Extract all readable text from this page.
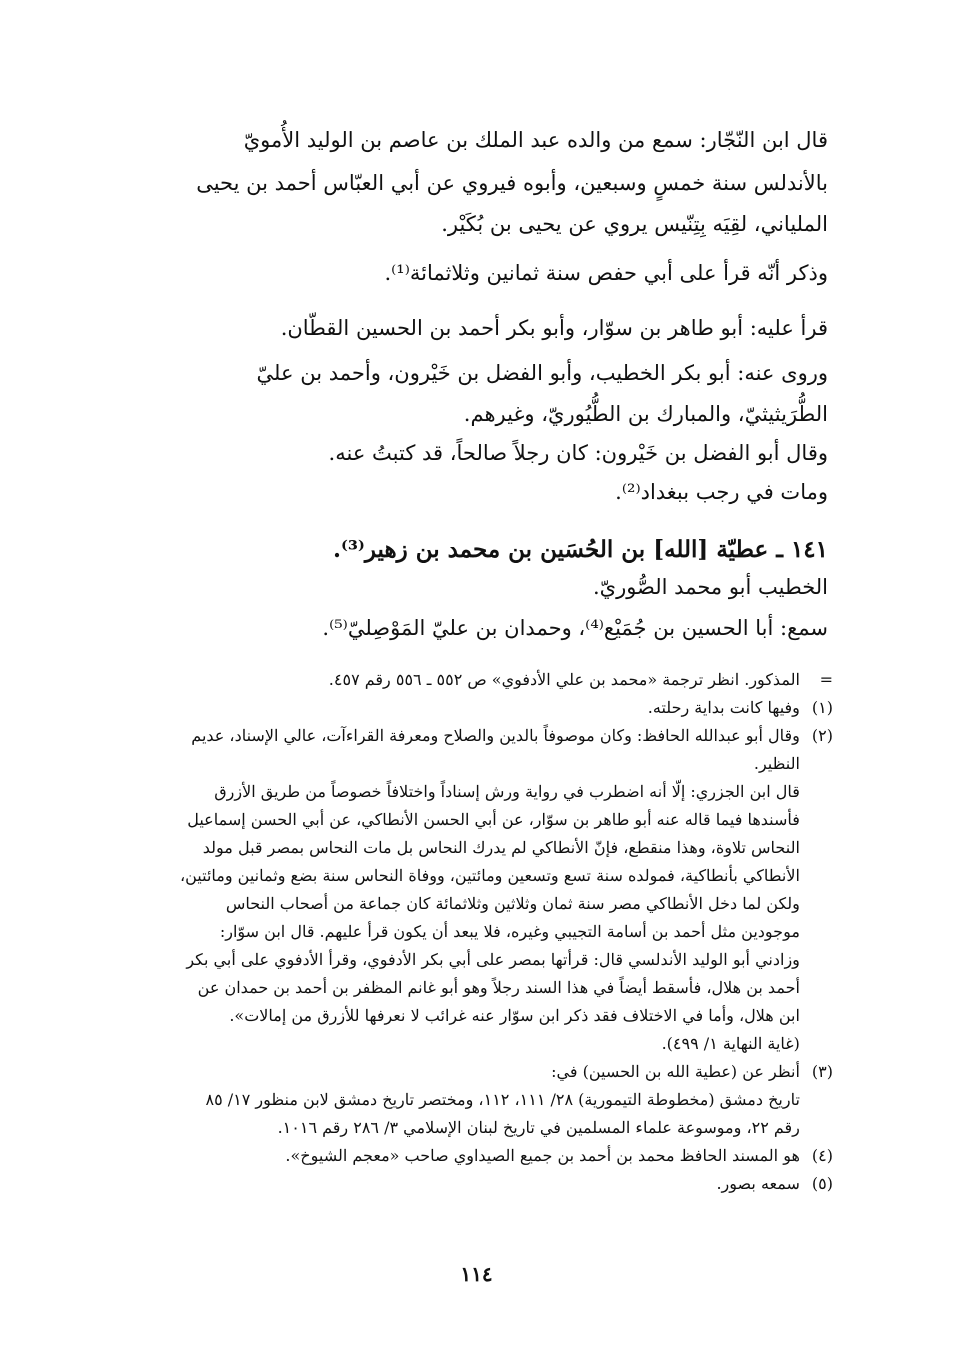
قال ابن النّجّار: سمع من والده عبد الملك بن عاصم بن الوليد الأُمويّ
بالأندلس سنة خمسٍ وسبعين، وأبوه فيروي عن أبي العبّاس أحمد بن يحيى
الملياني، لقِيَه بِتِنّيس يروي عن يحيى بن بُكَيْر.
وذكر أنّه قرأ على أبي حفص سنة ثمانين وثلاثمائة⁽¹⁾.
قرأ عليه: أبو طاهر بن سوّار، وأبو بكر أحمد بن الحسين القطّان.
وروى عنه: أبو بكر الخطيب، وأبو الفضل بن خَيْرون، وأحمد بن عليّ
الطُّرَيثيثيّ، والمبارك بن الطُّيُوريّ، وغيرهم.
وقال أبو الفضل بن خَيْرون: كان رجلاً صالحاً، قد كتبتُ عنه.
ومات في رجب ببغداد⁽²⁾.
١٤١ ـ عطيّة [الله] بن الحُسَين بن محمد بن زهير⁽³⁾.
الخطيب أبو محمد الصُّوريّ.
سمع: أبا الحسين بن جُمَيْع⁽⁴⁾، وحمدان بن عليّ المَوْصِليّ⁽⁵⁾.
= المذكور. انظر ترجمة «محمد بن علي الأدفوي» ص ٥٥٢ ـ ٥٥٦ رقم ٤٥٧.
(١) وفيها كانت بداية رحلته.
(٢) وقال أبو عبدالله الحافظ: وكان موصوفاً بالدين والصلاح ومعرفة القراءآت، عالي الإسناد، عديم
النظير.
قال ابن الجزري: إلّا أنه اضطرب في رواية ورش إسناداً واختلافاً خصوصاً من طريق الأزرق
فأسندها فيما قاله عنه أبو طاهر بن سوّار، عن أبي الحسن الأنطاكي، عن أبي الحسن إسماعيل
النحاس تلاوة، وهذا منقطع، فإنّ الأنطاكي لم يدرك النحاس بل مات النحاس بمصر قبل مولد
الأنطاكي بأنطاكية، فمولده سنة تسع وتسعين ومائتين، ووفاة النحاس سنة بضع وثمانين ومائتين،
ولكن لما دخل الأنطاكي مصر سنة ثمان وثلاثين وثلاثمائة كان جماعة من أصحاب النحاس
موجودين مثل أحمد بن أسامة التجيبي وغيره، فلا يبعد أن يكون قرأ عليهم. قال ابن سوّار:
وزادني أبو الوليد الأندلسي قال: قرأتها بمصر على أبي بكر الأدفوي، وقرأ الأدفوي على أبي بكر
أحمد بن هلال، فأسقط أيضاً في هذا السند رجلاً وهو أبو غانم المظفر بن أحمد بن حمدان عن
ابن هلال، وأما في الاختلاف فقد ذكر ابن سوّار عنه غرائب لا نعرفها للأزرق من إمالات».
(غاية النهاية ١/ ٤٩٩).
(٣) أنظر عن (عطية الله بن الحسين) في:
تاريخ دمشق (مخطوطة التيمورية) ٢٨/ ١١١، ١١٢، ومختصر تاريخ دمشق لابن منظور ١٧/ ٨٥
رقم ٢٢، وموسوعة علماء المسلمين في تاريخ لبنان الإسلامي ٣/ ٢٨٦ رقم ١٠١٦.
(٤) هو المسند الحافظ محمد بن أحمد بن جميع الصيداوي صاحب «معجم الشيوخ».
(٥) سمعه بصور.
١١٤
